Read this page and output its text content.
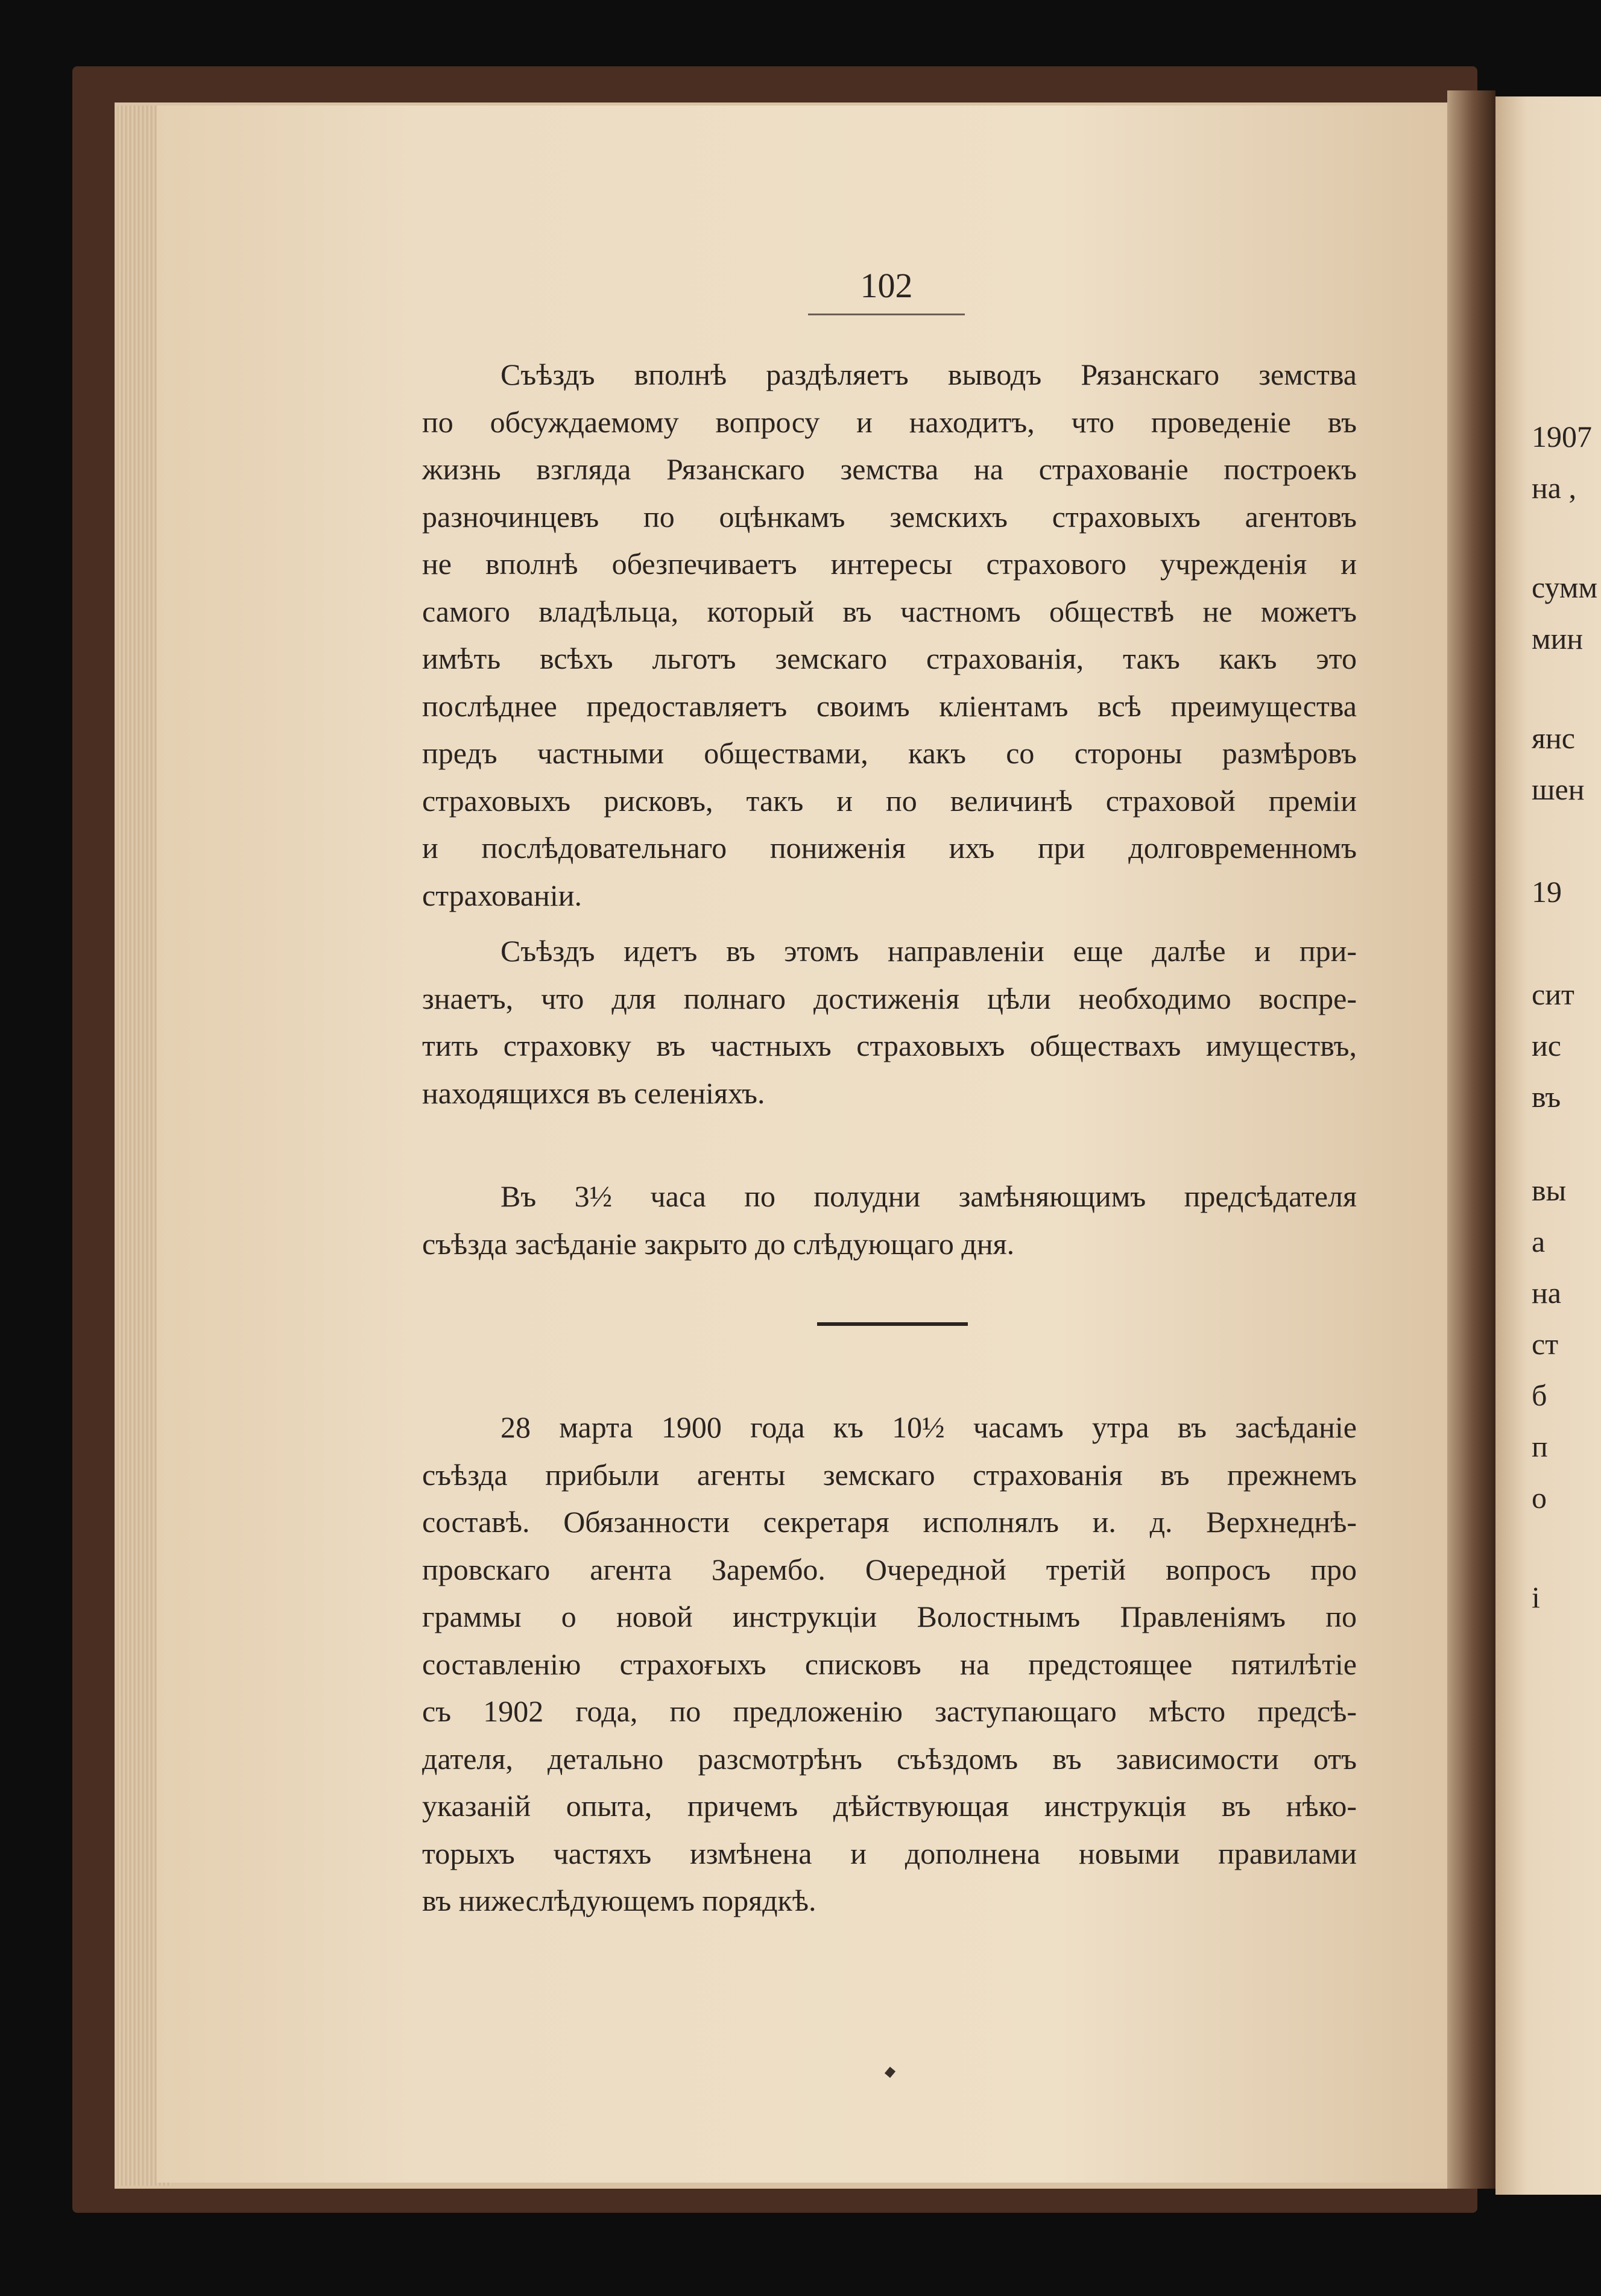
102
Съѣздъ вполнѣ раздѣляетъ выводъ Рязанскаго земства
по обсуждаемому вопросу и находитъ, что проведеніе въ
жизнь взгляда Рязанскаго земства на страхованіе построекъ
разночинцевъ по оцѣнкамъ земскихъ страховыхъ агентовъ
не вполнѣ обезпечиваетъ интересы страхового учрежденія и
самого владѣльца, который въ частномъ обществѣ не можетъ
имѣть всѣхъ льготъ земскаго страхованія, такъ какъ это
послѣднее предоставляетъ своимъ кліентамъ всѣ преимущества
предъ частными обществами, какъ со стороны размѣровъ
страховыхъ рисковъ, такъ и по величинѣ страховой преміи
и послѣдовательнаго пониженія ихъ при долговременномъ
страхованіи.
Съѣздъ идетъ въ этомъ направленіи еще далѣе и при-
знаетъ, что для полнаго достиженія цѣли необходимо воспре-
тить страховку въ частныхъ страховыхъ обществахъ имуществъ,
находящихся въ селеніяхъ.
Въ 3½ часа по полудни замѣняющимъ предсѣдателя
съѣзда засѣданіе закрыто до слѣдующаго дня.
28 марта 1900 года къ 10½ часамъ утра въ засѣданіе
съѣзда прибыли агенты земскаго страхованія въ прежнемъ
составѣ. Обязанности секретаря исполнялъ и. д. Верхнеднѣ-
провскаго агента Зарембо. Очередной третій вопросъ про
граммы о новой инструкціи Волостнымъ Правленіямъ по
составленію страхоғыхъ списковъ на предстоящее пятилѣтіе
съ 1902 года, по предложенію заступающаго мѣсто предсѣ-
дателя, детально разсмотрѣнъ съѣздомъ въ зависимости отъ
указаній опыта, причемъ дѣйствующая инструкція въ нѣко-
торыхъ частяхъ измѣнена и дополнена новыми правилами
въ нижеслѣдующемъ порядкѣ.
1907
на ,
сумм
мин
янс
шен
19
сит
ис
въ
вы
а
на
ст
б
п
о
і
